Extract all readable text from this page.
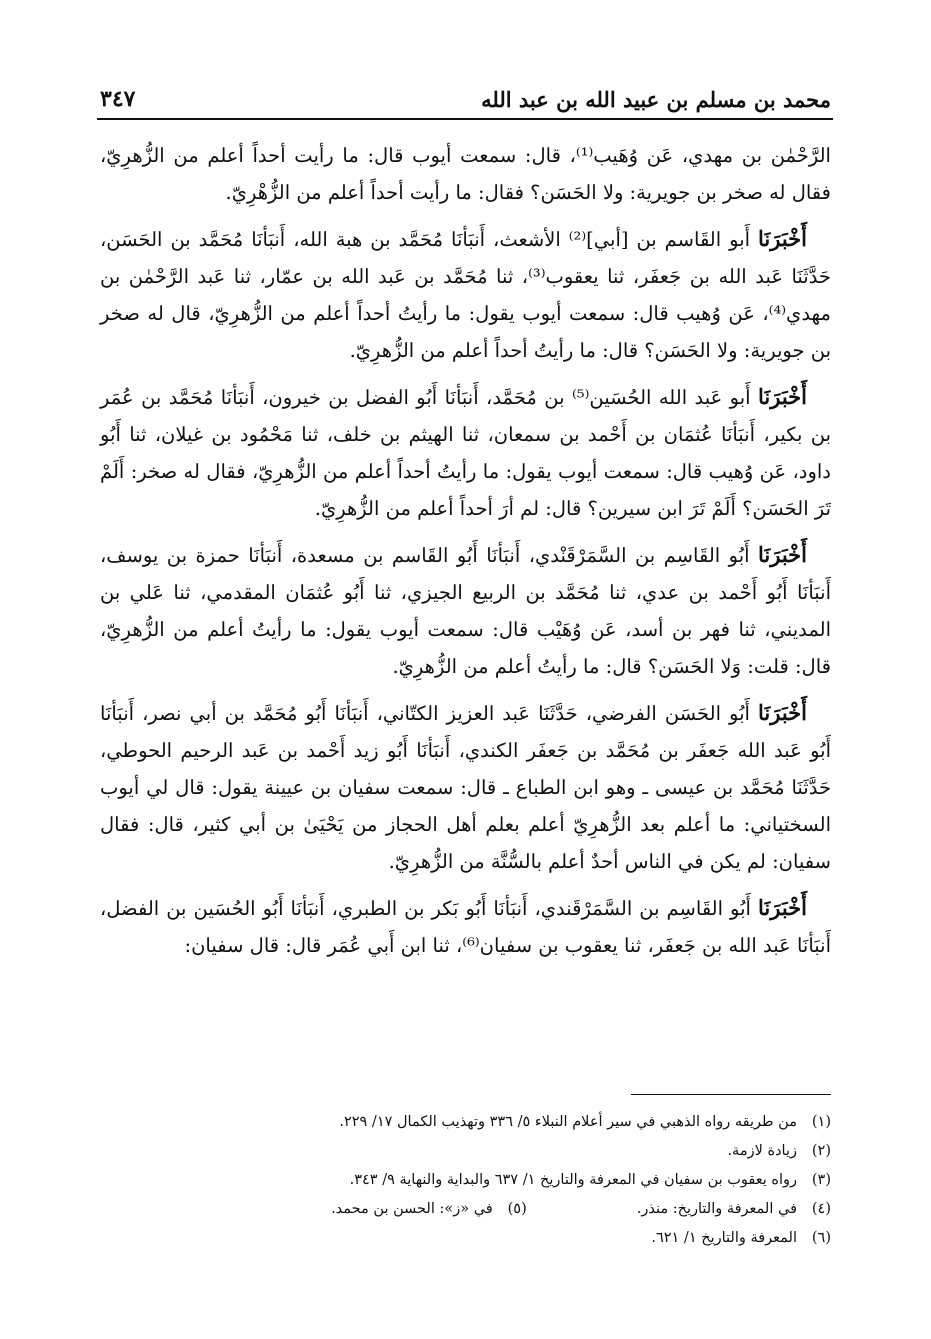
محمد بن مسلم بن عبيد الله بن عبد الله
٣٤٧

الرَّحْمٰن بن مهدي، عَن وُهَيب⁽¹⁾، قال: سمعت أيوب قال: ما رأيت أحداً أعلم من الزُّهرِيّ، فقال له صخر بن جويرية: ولا الحَسَن؟ فقال: ما رأيت أحداً أعلم من الزُّهْرِيّ.

أَخْبَرَنَا أَبو القَاسم بن [أبي]⁽²⁾ الأشعث، أَنبَأنَا مُحَمَّد بن هبة الله، أَنبَأنَا مُحَمَّد بن الحَسَن، حَدَّثَنَا عَبد الله بن جَعفَر، ثنا يعقوب⁽³⁾، ثنا مُحَمَّد بن عَبد الله بن عمّار، ثنا عَبد الرَّحْمٰن بن مهدي⁽⁴⁾، عَن وُهيب قال: سمعت أيوب يقول: ما رأيتُ أحداً أعلم من الزُّهرِيّ، قال له صخر بن جويرية: ولا الحَسَن؟ قال: ما رأيتُ أحداً أعلم من الزُّهرِيّ.

أَخْبَرَنَا أَبو عَبد الله الحُسَين⁽⁵⁾ بن مُحَمَّد، أَنبَأنَا أَبُو الفضل بن خيرون، أَنبَأنَا مُحَمَّد بن عُمَر بن بكير، أَنبَأنَا عُثمَان بن أَحْمد بن سمعان، ثنا الهيثم بن خلف، ثنا مَحْمُود بن غيلان، ثنا أَبُو داود، عَن وُهيب قال: سمعت أيوب يقول: ما رأيتُ أحداً أعلم من الزُّهرِيّ، فقال له صخر: أَلَمْ تَرَ الحَسَن؟ أَلَمْ تَرَ ابن سيرين؟ قال: لم أرَ أحداً أعلم من الزُّهرِيّ.

أَخْبَرَنَا أَبُو القَاسِم بن السَّمَرْقَنْدي، أَنبَأنَا أَبُو القَاسم بن مسعدة، أَنبَأنَا حمزة بن يوسف، أَنبَأنَا أَبُو أَحْمد بن عدي، ثنا مُحَمَّد بن الربيع الجيزي، ثنا أَبُو عُثمَان المقدمي، ثنا عَلي بن المديني، ثنا فهر بن أسد، عَن وُهَيْب قال: سمعت أيوب يقول: ما رأيتُ أعلم من الزُّهرِيّ، قال: قلت: وَلا الحَسَن؟ قال: ما رأيتُ أعلم من الزُّهرِيّ.

أَخْبَرَنَا أَبُو الحَسَن الفرضي، حَدَّثَنَا عَبد العزيز الكتّاني، أَنبَأنَا أَبُو مُحَمَّد بن أبي نصر، أَنبَأنَا أَبُو عَبد الله جَعفَر بن مُحَمَّد بن جَعفَر الكندي، أَنبَأنَا أَبُو زيد أَحْمد بن عَبد الرحيم الحوطي، حَدَّثَنَا مُحَمَّد بن عيسى ـ وهو ابن الطباع ـ قال: سمعت سفيان بن عيينة يقول: قال لي أيوب السختياني: ما أعلم بعد الزُّهرِيّ أعلم بعلم أهل الحجاز من يَحْيَىٰ بن أبي كثير، قال: فقال سفيان: لم يكن في الناس أحدٌ أعلم بالسُّنَّة من الزُّهرِيّ.

أَخْبَرَنَا أَبُو القَاسِم بن السَّمَرْقَندي، أَنبَأنَا أَبُو بَكر بن الطبري، أَنبَأنَا أَبُو الحُسَين بن الفضل، أَنبَأنَا عَبد الله بن جَعفَر، ثنا يعقوب بن سفيان⁽⁶⁾، ثنا ابن أَبي عُمَر قال: قال سفيان:

(١)
من طريقه رواه الذهبي في سير أعلام النبلاء ٥/ ٣٣٦ وتهذيب الكمال ١٧/ ٢٢٩.
(٢)
زيادة لازمة.
(٣)
رواه يعقوب بن سفيان في المعرفة والتاريخ ١/ ٦٣٧ والبداية والنهاية ٩/ ٣٤٣.
(٤)
في المعرفة والتاريخ: منذر.
(٥)
في «ز»: الحسن بن محمد.
(٦)
المعرفة والتاريخ ١/ ٦٢١.
